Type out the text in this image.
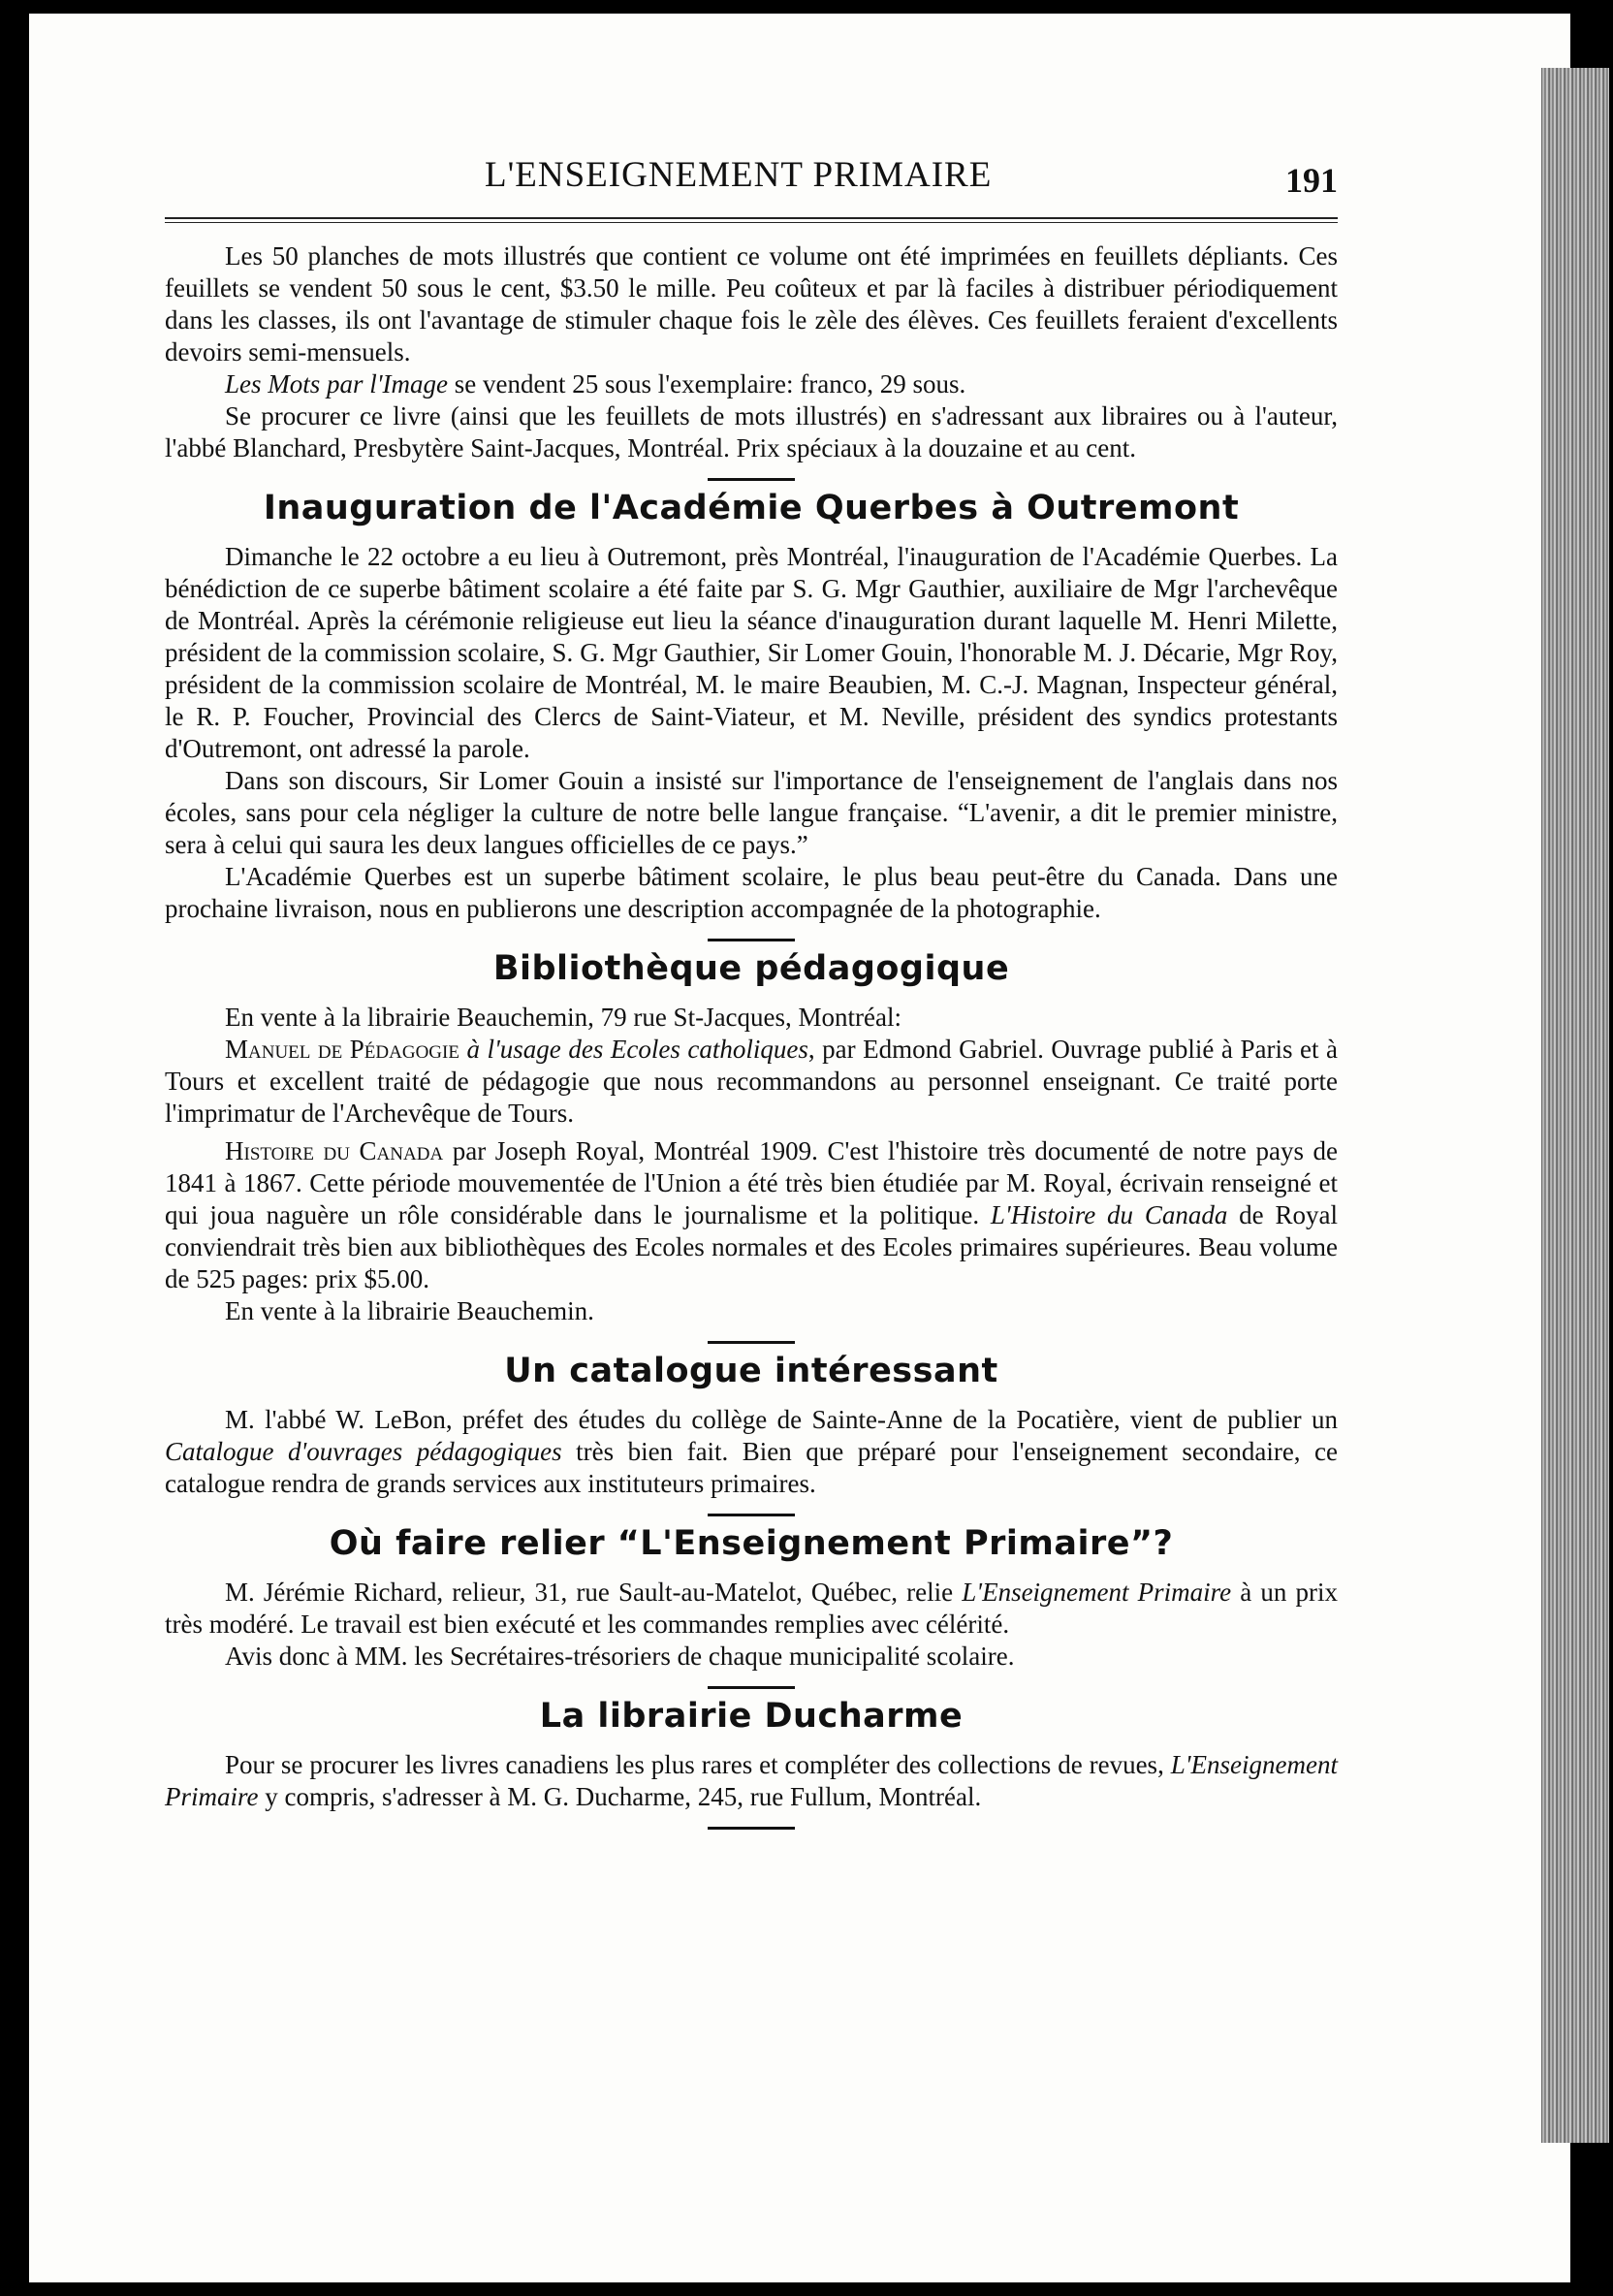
L'ENSEIGNEMENT PRIMAIRE	191

Les 50 planches de mots illustrés que contient ce volume ont été imprimées en feuillets dépliants. Ces feuillets se vendent 50 sous le cent, $3.50 le mille. Peu coûteux et par là faciles à distribuer périodiquement dans les classes, ils ont l'avantage de stimuler chaque fois le zèle des élèves. Ces feuillets feraient d'excellents devoirs semi-mensuels.

Les Mots par l'Image se vendent 25 sous l'exemplaire: franco, 29 sous.

Se procurer ce livre (ainsi que les feuillets de mots illustrés) en s'adressant aux libraires ou à l'auteur, l'abbé Blanchard, Presbytère Saint-Jacques, Montréal. Prix spéciaux à la douzaine et au cent.

Inauguration de l'Académie Querbes à Outremont

Dimanche le 22 octobre a eu lieu à Outremont, près Montréal, l'inauguration de l'Académie Querbes. La bénédiction de ce superbe bâtiment scolaire a été faite par S. G. Mgr Gauthier, auxiliaire de Mgr l'archevêque de Montréal. Après la cérémonie religieuse eut lieu la séance d'inauguration durant laquelle M. Henri Milette, président de la commission scolaire, S. G. Mgr Gauthier, Sir Lomer Gouin, l'honorable M. J. Décarie, Mgr Roy, président de la commission scolaire de Montréal, M. le maire Beaubien, M. C.-J. Magnan, Inspecteur général, le R. P. Foucher, Provincial des Clercs de Saint-Viateur, et M. Neville, président des syndics protestants d'Outremont, ont adressé la parole.

Dans son discours, Sir Lomer Gouin a insisté sur l'importance de l'enseignement de l'anglais dans nos écoles, sans pour cela négliger la culture de notre belle langue française. “L'avenir, a dit le premier ministre, sera à celui qui saura les deux langues officielles de ce pays.”

L'Académie Querbes est un superbe bâtiment scolaire, le plus beau peut-être du Canada. Dans une prochaine livraison, nous en publierons une description accompagnée de la photographie.

Bibliothèque pédagogique

En vente à la librairie Beauchemin, 79 rue St-Jacques, Montréal:

Manuel de Pédagogie à l'usage des Ecoles catholiques, par Edmond Gabriel. Ouvrage publié à Paris et à Tours et excellent traité de pédagogie que nous recommandons au personnel enseignant. Ce traité porte l'imprimatur de l'Archevêque de Tours.

Histoire du Canada par Joseph Royal, Montréal 1909. C'est l'histoire très documenté de notre pays de 1841 à 1867. Cette période mouvementée de l'Union a été très bien étudiée par M. Royal, écrivain renseigné et qui joua naguère un rôle considérable dans le journalisme et la politique. L'Histoire du Canada de Royal conviendrait très bien aux bibliothèques des Ecoles normales et des Ecoles primaires supérieures. Beau volume de 525 pages: prix $5.00.

En vente à la librairie Beauchemin.

Un catalogue intéressant

M. l'abbé W. LeBon, préfet des études du collège de Sainte-Anne de la Pocatière, vient de publier un Catalogue d'ouvrages pédagogiques très bien fait. Bien que préparé pour l'enseignement secondaire, ce catalogue rendra de grands services aux instituteurs primaires.

Où faire relier “L'Enseignement Primaire”?

M. Jérémie Richard, relieur, 31, rue Sault-au-Matelot, Québec, relie L'Enseignement Primaire à un prix très modéré. Le travail est bien exécuté et les commandes remplies avec célérité.

Avis donc à MM. les Secrétaires-trésoriers de chaque municipalité scolaire.

La librairie Ducharme

Pour se procurer les livres canadiens les plus rares et compléter des collections de revues, L'Enseignement Primaire y compris, s'adresser à M. G. Ducharme, 245, rue Fullum, Montréal.
